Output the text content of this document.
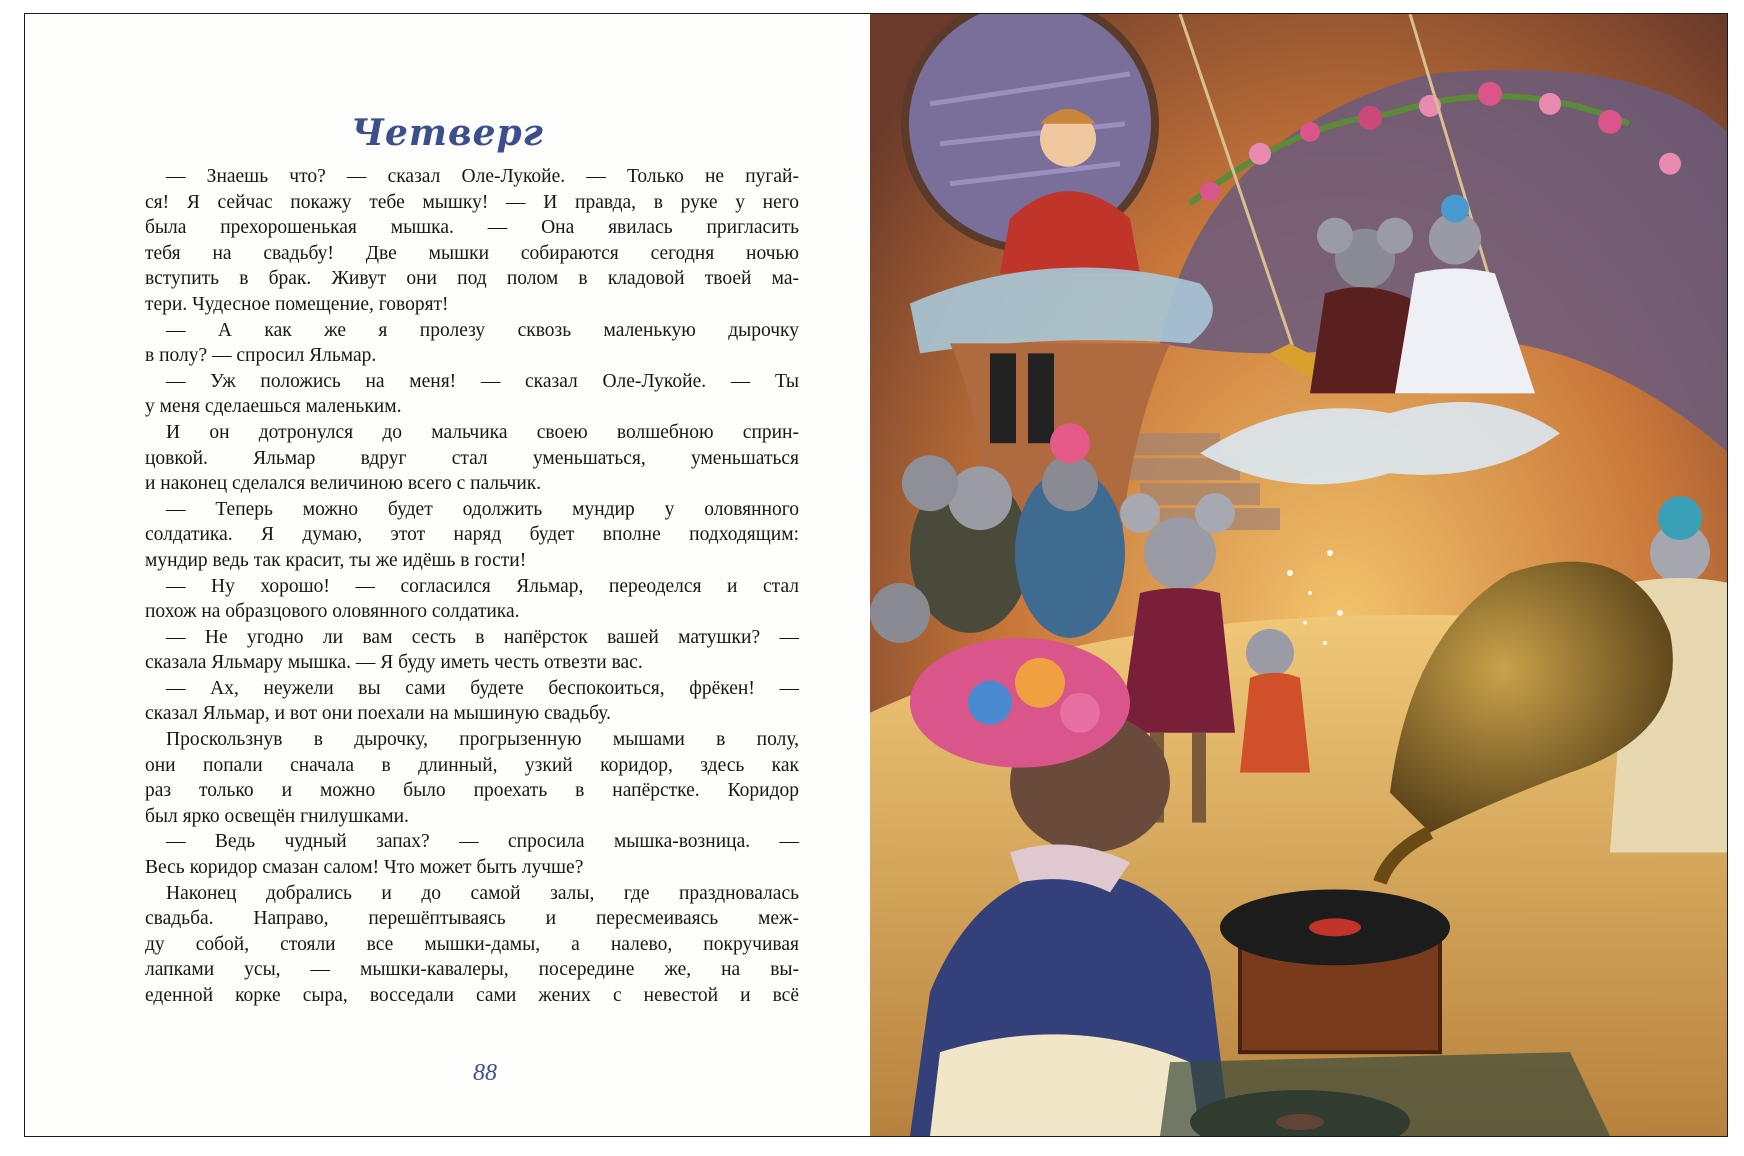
Четверг
— Знаешь что? — сказал Оле-Лукойе. — Только не пугай-
ся! Я сейчас покажу тебе мышку! — И правда, в руке у него
была прехорошенькая мышка. — Она явилась пригласить
тебя на свадьбу! Две мышки собираются сегодня ночью
вступить в брак. Живут они под полом в кладовой твоей ма-
тери. Чудесное помещение, говорят!
— А как же я пролезу сквозь маленькую дырочку
в полу? — спросил Яльмар.
— Уж положись на меня! — сказал Оле-Лукойе. — Ты
у меня сделаешься маленьким.
И он дотронулся до мальчика своею волшебною сприн-
цовкой. Яльмар вдруг стал уменьшаться, уменьшаться
и наконец сделался величиною всего с пальчик.
— Теперь можно будет одолжить мундир у оловянного
солдатика. Я думаю, этот наряд будет вполне подходящим:
мундир ведь так красит, ты же идёшь в гости!
— Ну хорошо! — согласился Яльмар, переоделся и стал
похож на образцового оловянного солдатика.
— Не угодно ли вам сесть в напёрсток вашей матушки? —
сказала Яльмару мышка. — Я буду иметь честь отвезти вас.
— Ах, неужели вы сами будете беспокоиться, фрёкен! —
сказал Яльмар, и вот они поехали на мышиную свадьбу.
Проскользнув в дырочку, прогрызенную мышами в полу,
они попали сначала в длинный, узкий коридор, здесь как
раз только и можно было проехать в напёрстке. Коридор
был ярко освещён гнилушками.
— Ведь чудный запах? — спросила мышка-возница. —
Весь коридор смазан салом! Что может быть лучше?
Наконец добрались и до самой залы, где праздновалась
свадьба. Направо, перешёптываясь и пересмеиваясь меж-
ду собой, стояли все мышки-дамы, а налево, покручивая
лапками усы, — мышки-кавалеры, посередине же, на вы-
еденной корке сыра, восседали сами жених с невестой и всё
88
